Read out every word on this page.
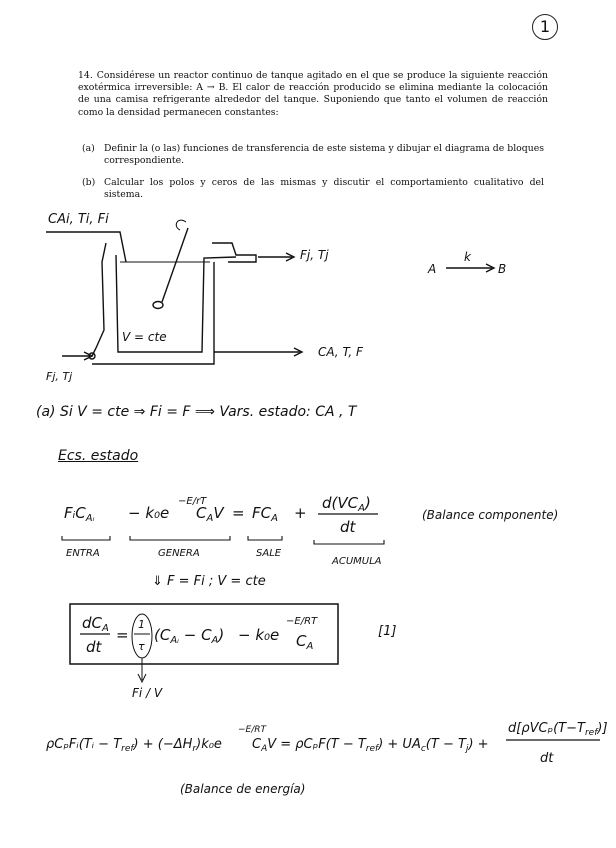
1
14. Considérese un reactor continuo de tanque agitado en el que se produce la siguiente reacción exotérmica irreversible: A → B. El calor de reacción producido se elimina mediante la colocación de una camisa refrigerante alrededor del tanque. Suponiendo que tanto el volumen de reacción como la densidad permanecen constantes:
(a) Definir la (o las) funciones de transferencia de este sistema y dibujar el diagrama de bloques correspondiente.
(b) Calcular los polos y ceros de las mismas y discutir el comportamiento cualitativo del sistema.
CAi, Ti, Fi
Fj, Tj
V = cte
Fj, Tj
CA, T, F
A
k
B
(a) Si V = cte ⇒ Fi = F ⟹ Vars. estado: CA , T
Ecs. estado
FᵢC$_{Aᵢ}$ − k₀e
−E/rT
$C_AV = FC_A$ +
$d(VC_A)$
dt
$dC_A$
dt
=
1
τ
$(C_{Aᵢ} - C_A) - k_0e$
−E/RT
$C_A$
ρCₚFᵢ(Tᵢ − $T_{ref}) + (-\Delta H_r)k_0e$
−E/RT
$C_AV = \rho C_pF(T - T_{ref}) + UA_c(T - T_j)$ +
$d[\rho VC_p(T-T_{ref})]$
dt
(Balance componente)
ENTRA	GENERA	SALE
ACUMULA
⇓ F = Fi ; V = cte
[1]
Fi / V
(Balance de energía)
